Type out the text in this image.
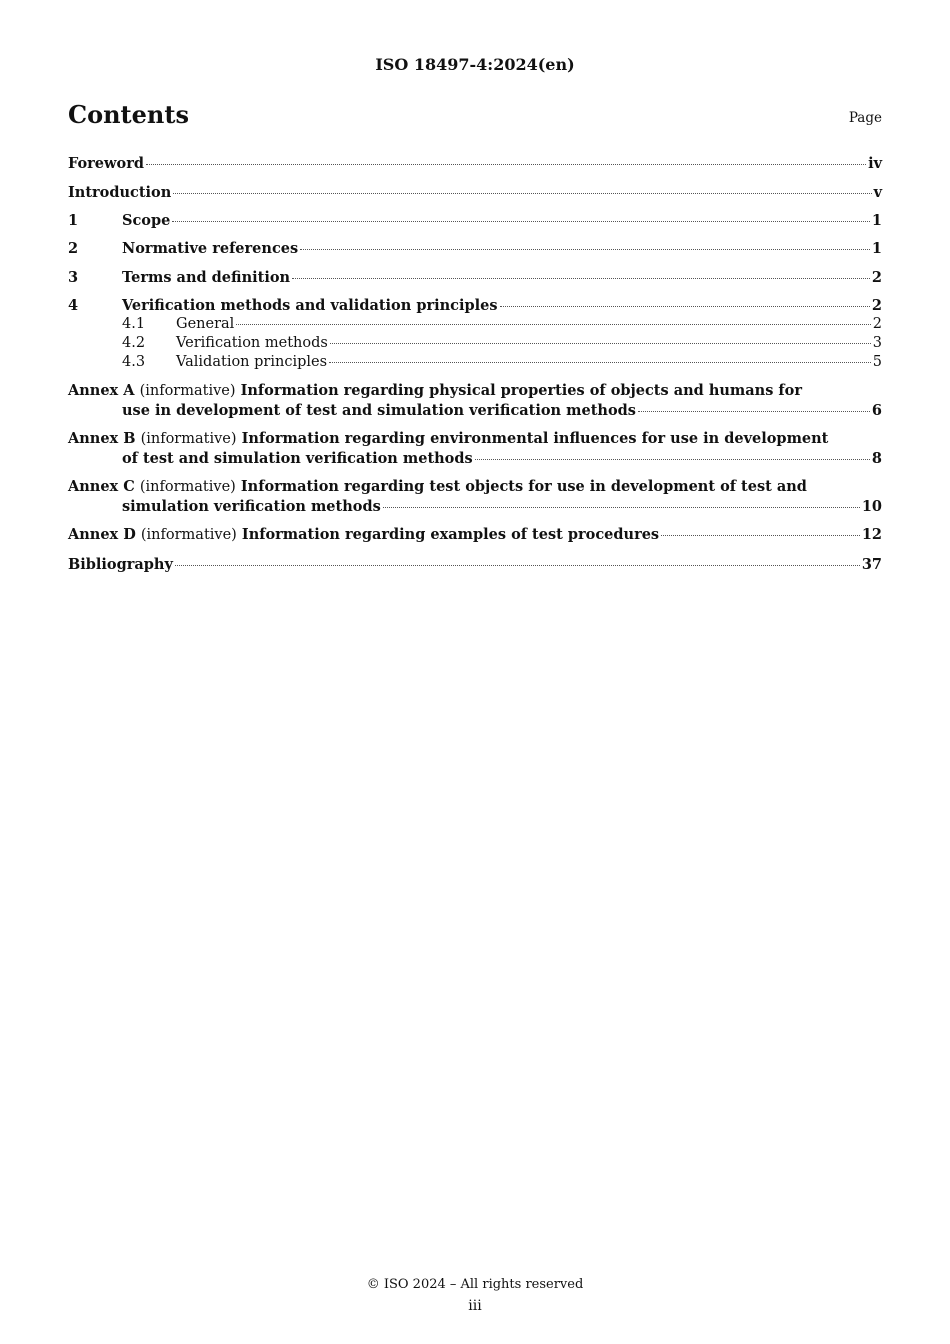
ISO 18497-4:2024(en)
Contents	Page
Foreword	iv
Introduction	v
1	Scope	1
2	Normative references	1
3	Terms and definition	2
4	Verification methods and validation principles	2
4.1	General	2
4.2	Verification methods	3
4.3	Validation principles	5
Annex A (informative) Information regarding physical properties of objects and humans for
use in development of test and simulation verification methods	6
Annex B (informative) Information regarding environmental influences for use in development
of test and simulation verification methods	8
Annex C (informative) Information regarding test objects for use in development of test and
simulation verification methods	10
Annex D (informative) Information regarding examples of test procedures	12
Bibliography	37
© ISO 2024 – All rights reserved
iii
